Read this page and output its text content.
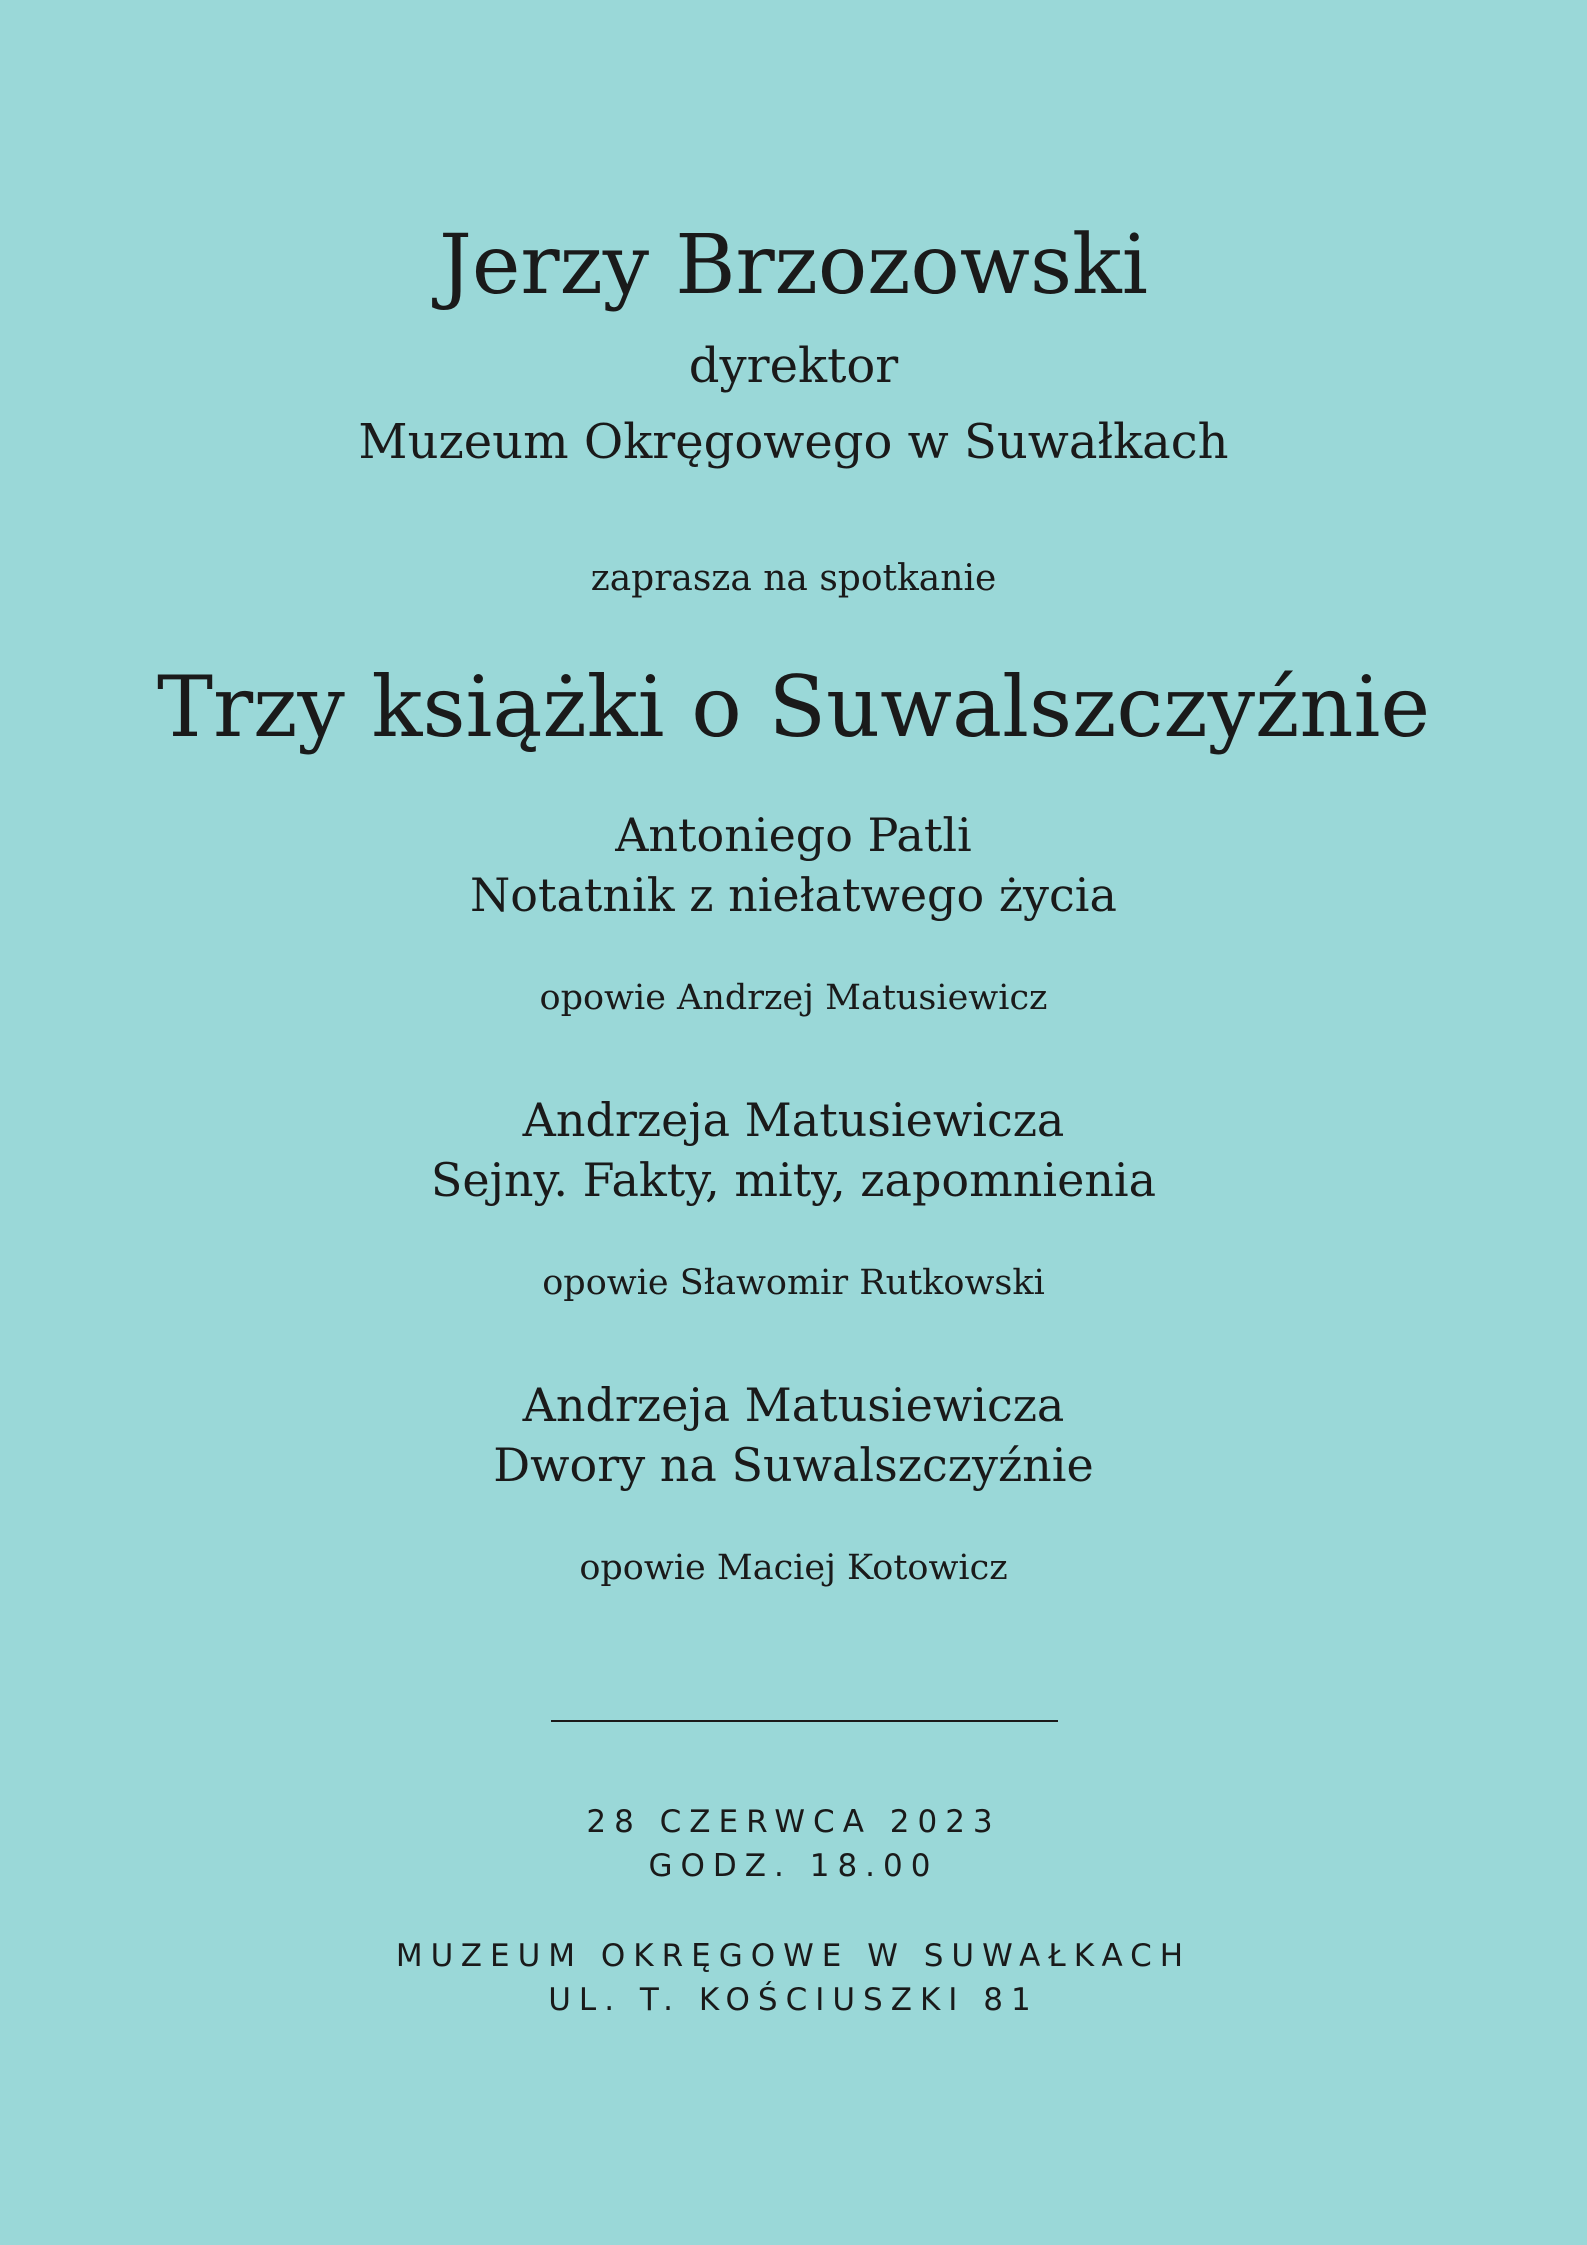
Jerzy Brzozowski

dyrektor

Muzeum Okręgowego w Suwałkach

zaprasza na spotkanie

Trzy książki o Suwalszczyźnie

Antoniego Patli

Notatnik z niełatwego życia

opowie Andrzej Matusiewicz

Andrzeja Matusiewicza

Sejny. Fakty, mity, zapomnienia

opowie Sławomir Rutkowski

Andrzeja Matusiewicza

Dwory na Suwalszczyźnie

opowie Maciej Kotowicz

28 CZERWCA 2023

GODZ. 18.00

MUZEUM OKRĘGOWE W SUWAŁKACH

UL. T. KOŚCIUSZKI 81
